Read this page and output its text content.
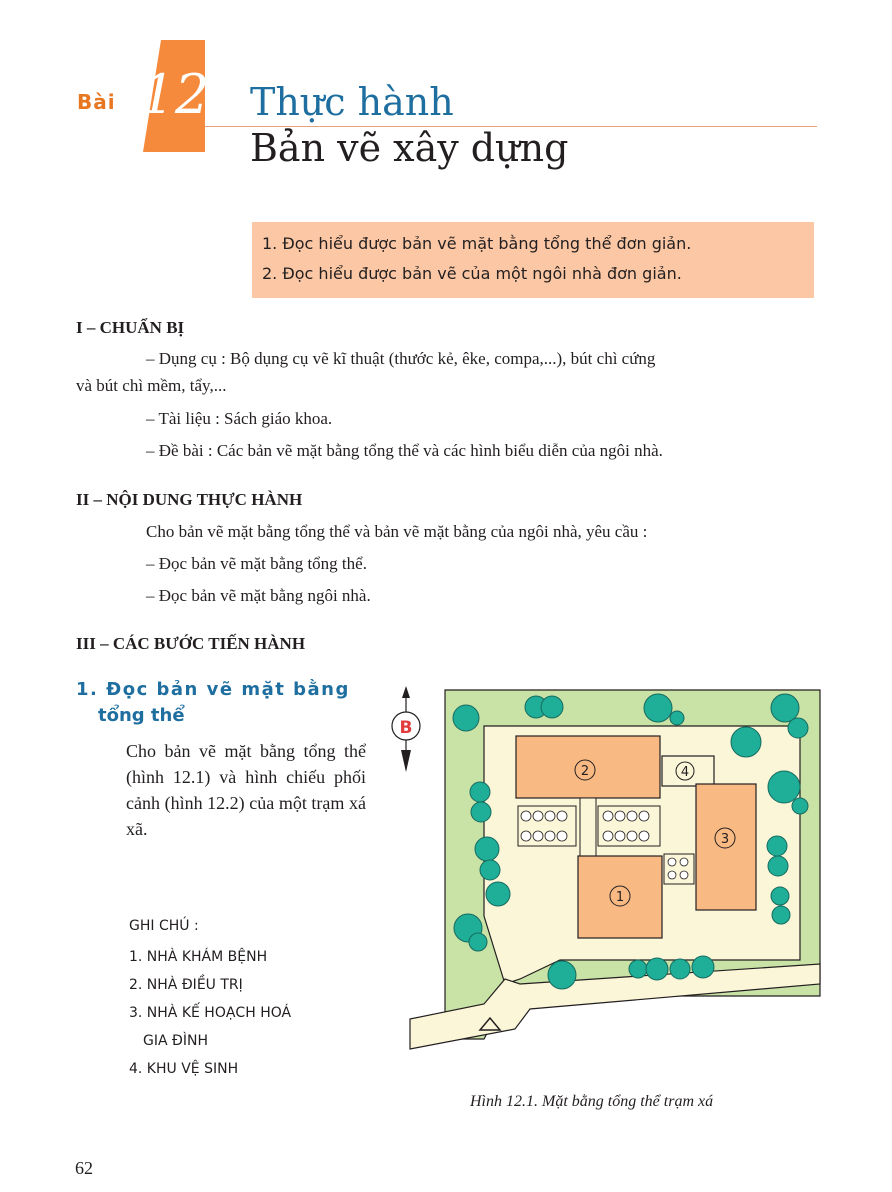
Bài 12 Thực hành
Bản vẽ xây dựng
1. Đọc hiểu được bản vẽ mặt bằng tổng thể đơn giản.
2. Đọc hiểu được bản vẽ của một ngôi nhà đơn giản.
I – CHUẨN BỊ
– Dụng cụ : Bộ dụng cụ vẽ kĩ thuật (thước kẻ, êke, compa,...), bút chì cứng
và bút chì mềm, tẩy,...
– Tài liệu : Sách giáo khoa.
– Đề bài : Các bản vẽ mặt bằng tổng thể và các hình biểu diễn của ngôi nhà.
II – NỘI DUNG THỰC HÀNH
Cho bản vẽ mặt bằng tổng thể và bản vẽ mặt bằng của ngôi nhà, yêu cầu :
– Đọc bản vẽ mặt bằng tổng thể.
– Đọc bản vẽ mặt bằng ngôi nhà.
III – CÁC BƯỚC TIẾN HÀNH
1. Đọc bản vẽ mặt bằng
tổng thể
Cho bản vẽ mặt bằng tổng thể (hình 12.1) và hình chiếu phối cảnh (hình 12.2) của một trạm xá xã.
GHI CHÚ :
1. NHÀ KHÁM BỆNH
2. NHÀ ĐIỀU TRỊ
3. NHÀ KẾ HOẠCH HOÁ
GIA ĐÌNH
4. KHU VỆ SINH
B
2	4
3
1
Hình 12.1. Mặt bằng tổng thể trạm xá
62
